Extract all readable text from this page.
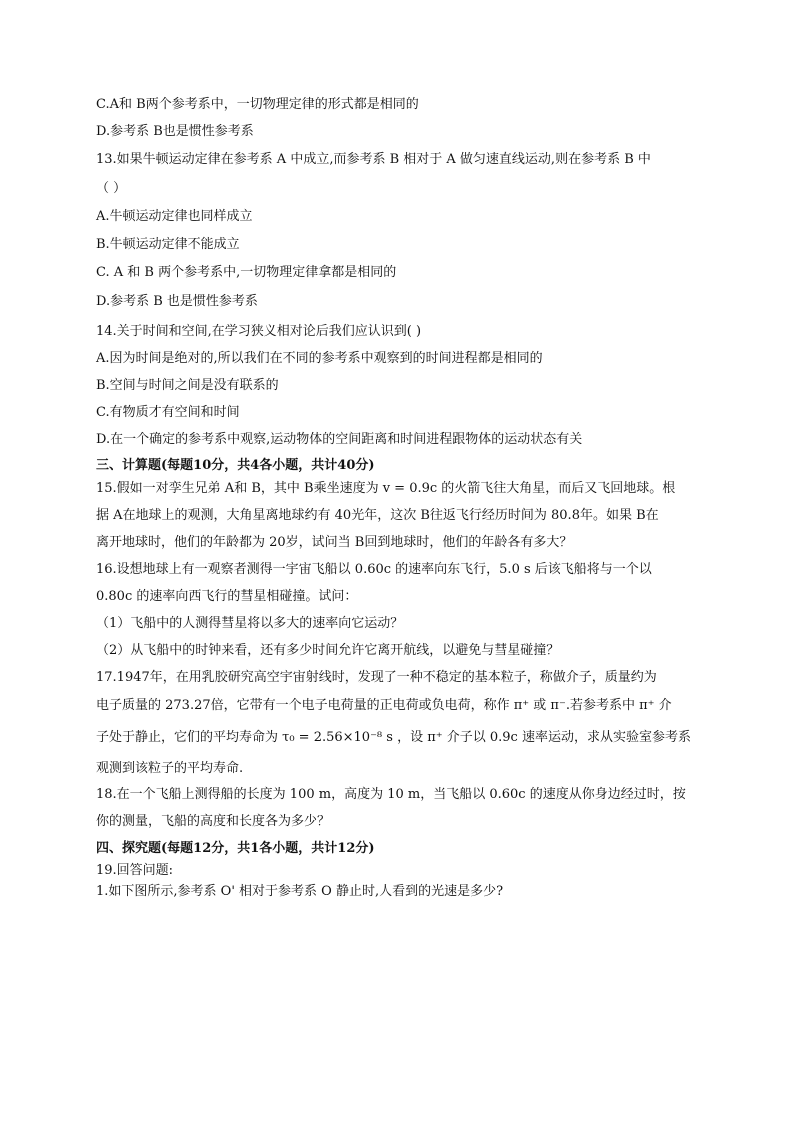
C.A和 B两个参考系中，一切物理定律的形式都是相同的
D.参考系 B也是惯性参考系
13.如果牛顿运动定律在参考系 A 中成立,而参考系 B 相对于 A 做匀速直线运动,则在参考系 B 中
（ ）
A.牛顿运动定律也同样成立
B.牛顿运动定律不能成立
C. A 和 B 两个参考系中,一切物理定律拿都是相同的
D.参考系 B 也是惯性参考系
14.关于时间和空间,在学习狭义相对论后我们应认识到( )
A.因为时间是绝对的,所以我们在不同的参考系中观察到的时间进程都是相同的
B.空间与时间之间是没有联系的
C.有物质才有空间和时间
D.在一个确定的参考系中观察,运动物体的空间距离和时间进程跟物体的运动状态有关
三、计算题(每题10分，共4各小题，共计40分)
15.假如一对孪生兄弟 A和 B，其中 B乘坐速度为 v = 0.9c 的火箭飞往大角星，而后又飞回地球。根
据 A在地球上的观测，大角星离地球约有 40光年，这次 B往返飞行经历时间为 80.8年。如果 B在
离开地球时，他们的年龄都为 20岁，试问当 B回到地球时，他们的年龄各有多大？
16.设想地球上有一观察者测得一宇宙飞船以 0.60c 的速率向东飞行，5.0 s 后该飞船将与一个以
0.80c 的速率向西飞行的彗星相碰撞。试问：
（1）飞船中的人测得彗星将以多大的速率向它运动？
（2）从飞船中的时钟来看，还有多少时间允许它离开航线，以避免与彗星碰撞？
17.1947年，在用乳胶研究高空宇宙射线时，发现了一种不稳定的基本粒子，称做介子，质量约为
电子质量的 273.27倍，它带有一个电子电荷量的正电荷或负电荷，称作 π⁺ 或 π⁻.若参考系中 π⁺ 介
子处于静止，它们的平均寿命为 τ₀ = 2.56×10⁻⁸ s ，设 π⁺ 介子以 0.9c 速率运动，求从实验室参考系
观测到该粒子的平均寿命.
18.在一个飞船上测得船的长度为 100 m，高度为 10 m，当飞船以 0.60c 的速度从你身边经过时，按
你的测量，飞船的高度和长度各为多少？
四、探究题(每题12分，共1各小题，共计12分)
19.回答问题:
1.如下图所示,参考系 O' 相对于参考系 O 静止时,人看到的光速是多少?
